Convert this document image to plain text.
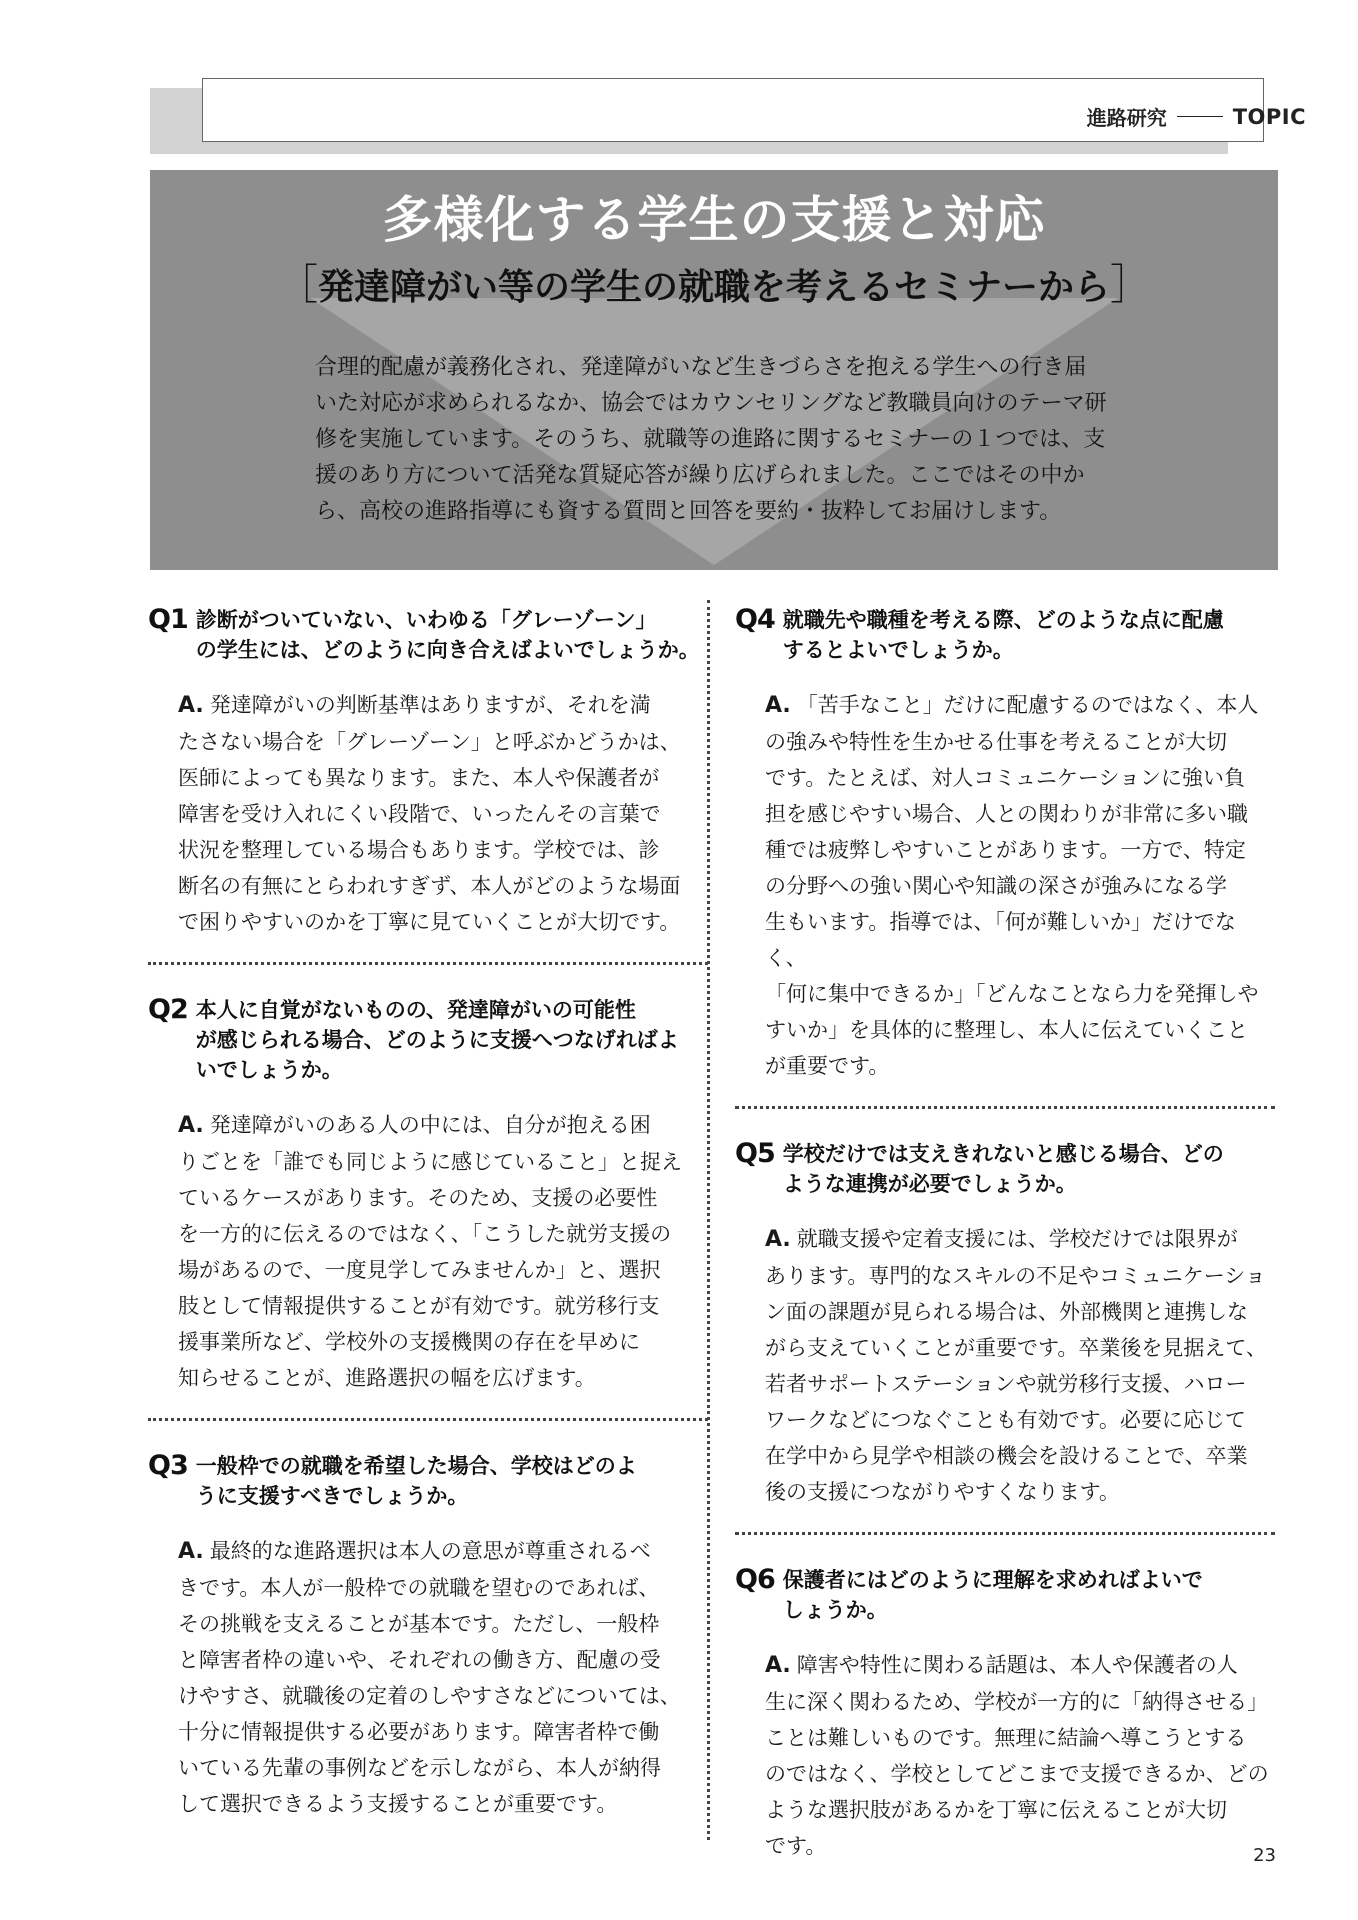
進路研究	TOPIC
多様化する学生の支援と対応
［発達障がい等の学生の就職を考えるセミナーから］
合理的配慮が義務化され、発達障がいなど生きづらさを抱える学生への行き届
いた対応が求められるなか、協会ではカウンセリングなど教職員向けのテーマ研
修を実施しています。そのうち、就職等の進路に関するセミナーの１つでは、支
援のあり方について活発な質疑応答が繰り広げられました。ここではその中か
ら、高校の進路指導にも資する質問と回答を要約・抜粋してお届けします。
Q1 診断がついていない、いわゆる「グレーゾーン」
の学生には、どのように向き合えばよいでしょうか。
A. 発達障がいの判断基準はありますが、それを満
たさない場合を「グレーゾーン」と呼ぶかどうかは、
医師によっても異なります。また、本人や保護者が
障害を受け入れにくい段階で、いったんその言葉で
状況を整理している場合もあります。学校では、診
断名の有無にとらわれすぎず、本人がどのような場面
で困りやすいのかを丁寧に見ていくことが大切です。
Q2 本人に自覚がないものの、発達障がいの可能性
が感じられる場合、どのように支援へつなげればよ
いでしょうか。
A. 発達障がいのある人の中には、自分が抱える困
りごとを「誰でも同じように感じていること」と捉え
ているケースがあります。そのため、支援の必要性
を一方的に伝えるのではなく、「こうした就労支援の
場があるので、一度見学してみませんか」と、選択
肢として情報提供することが有効です。就労移行支
援事業所など、学校外の支援機関の存在を早めに
知らせることが、進路選択の幅を広げます。
Q3 一般枠での就職を希望した場合、学校はどのよ
うに支援すべきでしょうか。
A. 最終的な進路選択は本人の意思が尊重されるべ
きです。本人が一般枠での就職を望むのであれば、
その挑戦を支えることが基本です。ただし、一般枠
と障害者枠の違いや、それぞれの働き方、配慮の受
けやすさ、就職後の定着のしやすさなどについては、
十分に情報提供する必要があります。障害者枠で働
いている先輩の事例などを示しながら、本人が納得
して選択できるよう支援することが重要です。
Q4 就職先や職種を考える際、どのような点に配慮
するとよいでしょうか。
A. 「苦手なこと」だけに配慮するのではなく、本人
の強みや特性を生かせる仕事を考えることが大切
です。たとえば、対人コミュニケーションに強い負
担を感じやすい場合、人との関わりが非常に多い職
種では疲弊しやすいことがあります。一方で、特定
の分野への強い関心や知識の深さが強みになる学
生もいます。指導では、「何が難しいか」だけでなく、
「何に集中できるか」「どんなことなら力を発揮しや
すいか」を具体的に整理し、本人に伝えていくこと
が重要です。
Q5 学校だけでは支えきれないと感じる場合、どの
ような連携が必要でしょうか。
A. 就職支援や定着支援には、学校だけでは限界が
あります。専門的なスキルの不足やコミュニケーショ
ン面の課題が見られる場合は、外部機関と連携しな
がら支えていくことが重要です。卒業後を見据えて、
若者サポートステーションや就労移行支援、ハロー
ワークなどにつなぐことも有効です。必要に応じて
在学中から見学や相談の機会を設けることで、卒業
後の支援につながりやすくなります。
Q6 保護者にはどのように理解を求めればよいで
しょうか。
A. 障害や特性に関わる話題は、本人や保護者の人
生に深く関わるため、学校が一方的に「納得させる」
ことは難しいものです。無理に結論へ導こうとする
のではなく、学校としてどこまで支援できるか、どの
ような選択肢があるかを丁寧に伝えることが大切
です。	23
